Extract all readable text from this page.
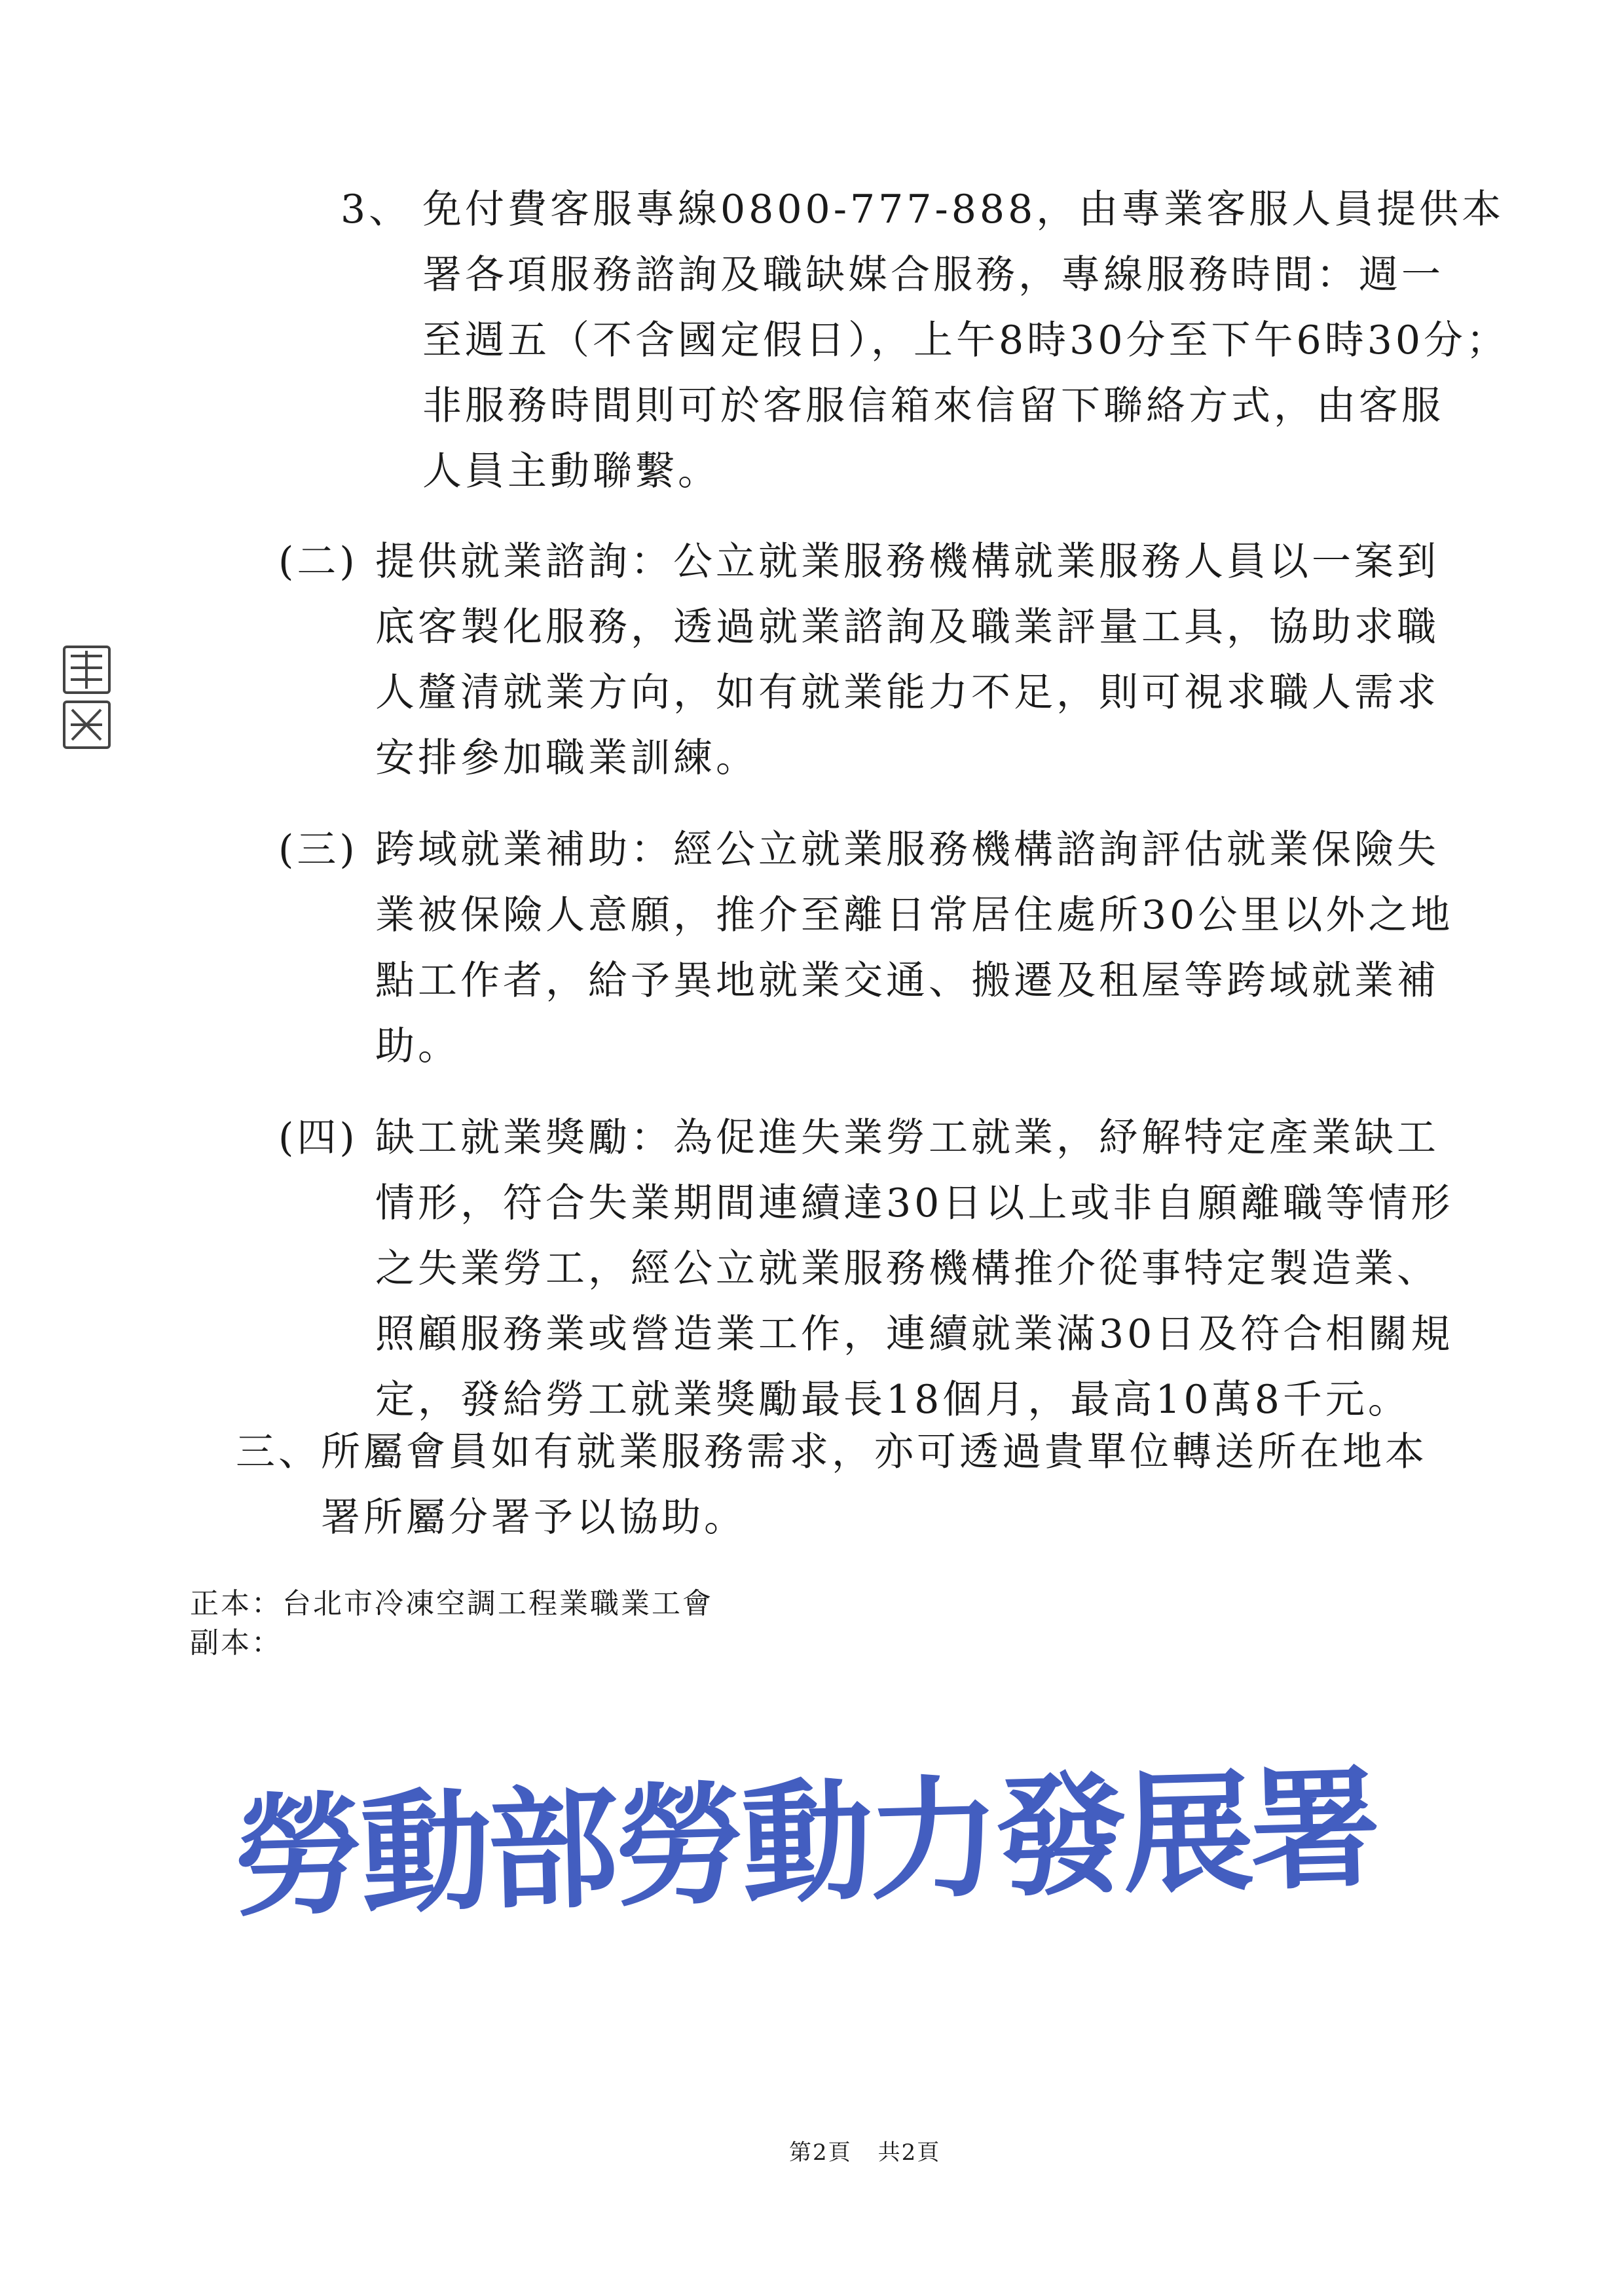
3、 免付費客服專線0800-777-888，由專業客服人員提供本
署各項服務諮詢及職缺媒合服務，專線服務時間：週一
至週五（不含國定假日），上午8時30分至下午6時30分；
非服務時間則可於客服信箱來信留下聯絡方式，由客服
人員主動聯繫。
(二) 提供就業諮詢：公立就業服務機構就業服務人員以一案到
底客製化服務，透過就業諮詢及職業評量工具，協助求職
人釐清就業方向，如有就業能力不足，則可視求職人需求
安排參加職業訓練。
(三) 跨域就業補助：經公立就業服務機構諮詢評估就業保險失
業被保險人意願，推介至離日常居住處所30公里以外之地
點工作者，給予異地就業交通、搬遷及租屋等跨域就業補
助。
(四) 缺工就業獎勵：為促進失業勞工就業，紓解特定產業缺工
情形，符合失業期間連續達30日以上或非自願離職等情形
之失業勞工，經公立就業服務機構推介從事特定製造業、
照顧服務業或營造業工作，連續就業滿30日及符合相關規
定，發給勞工就業獎勵最長18個月，最高10萬8千元。
三、 所屬會員如有就業服務需求，亦可透過貴單位轉送所在地本
署所屬分署予以協助。
正本：台北市冷凍空調工程業職業工會
副本：
勞動部勞動力發展署
第2頁 共2頁
